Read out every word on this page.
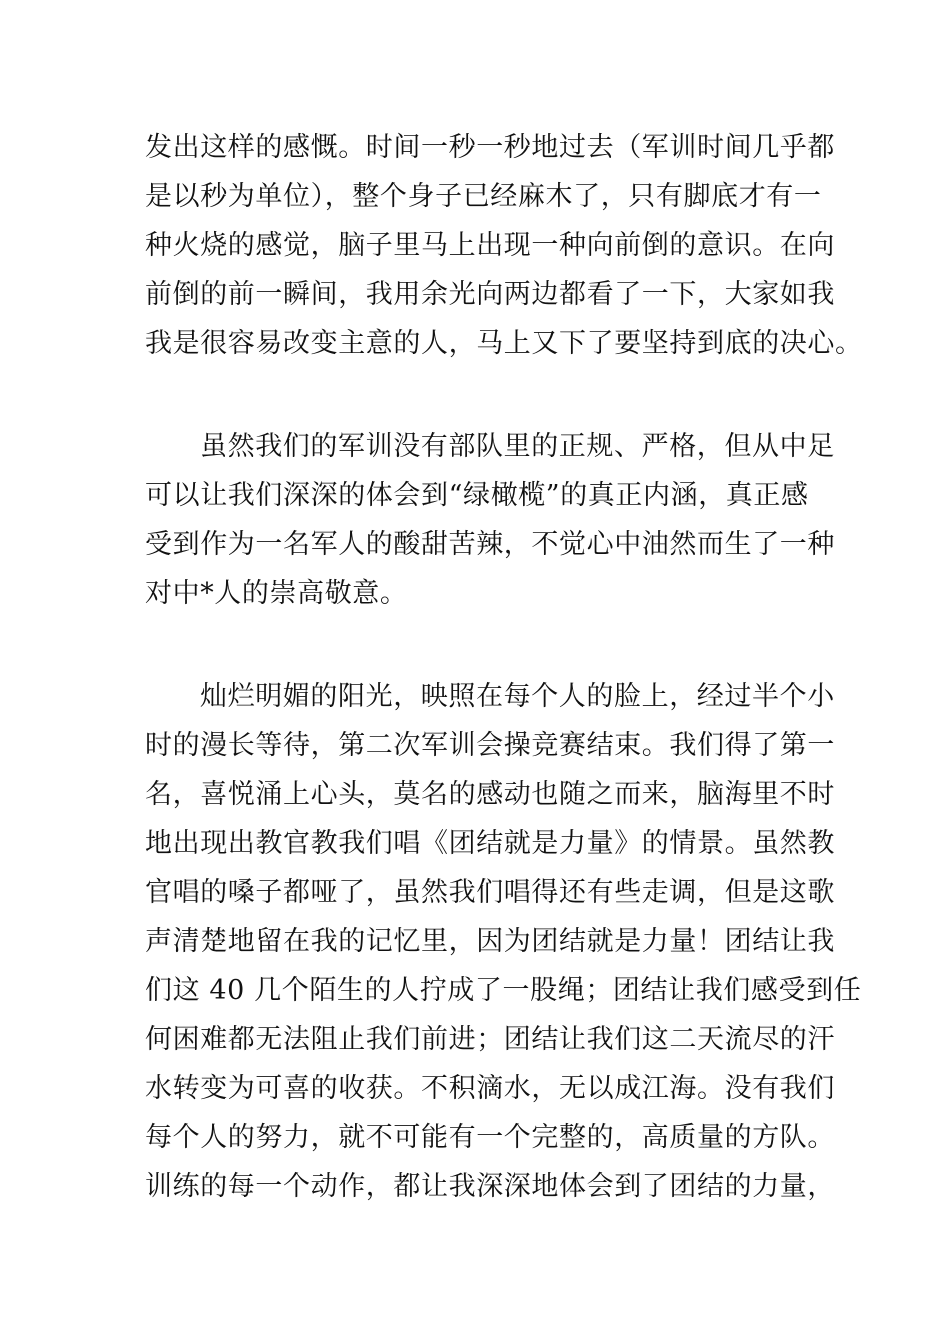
发出这样的感慨。时间一秒一秒地过去（军训时间几乎都
是以秒为单位），整个身子已经麻木了，只有脚底才有一
种火烧的感觉，脑子里马上出现一种向前倒的意识。在向
前倒的前一瞬间，我用余光向两边都看了一下，大家如我
我是很容易改变主意的人，马上又下了要坚持到底的决心。
虽然我们的军训没有部队里的正规、严格，但从中足
可以让我们深深的体会到“绿橄榄”的真正内涵，真正感
受到作为一名军人的酸甜苦辣，不觉心中油然而生了一种
对中*人的崇高敬意。
灿烂明媚的阳光，映照在每个人的脸上，经过半个小
时的漫长等待，第二次军训会操竞赛结束。我们得了第一
名，喜悦涌上心头，莫名的感动也随之而来，脑海里不时
地出现出教官教我们唱《团结就是力量》的情景。虽然教
官唱的嗓子都哑了，虽然我们唱得还有些走调，但是这歌
声清楚地留在我的记忆里，因为团结就是力量！团结让我
们这 40 几个陌生的人拧成了一股绳；团结让我们感受到任
何困难都无法阻止我们前进；团结让我们这二天流尽的汗
水转变为可喜的收获。不积滴水，无以成江海。没有我们
每个人的努力，就不可能有一个完整的，高质量的方队。
训练的每一个动作，都让我深深地体会到了团结的力量，
